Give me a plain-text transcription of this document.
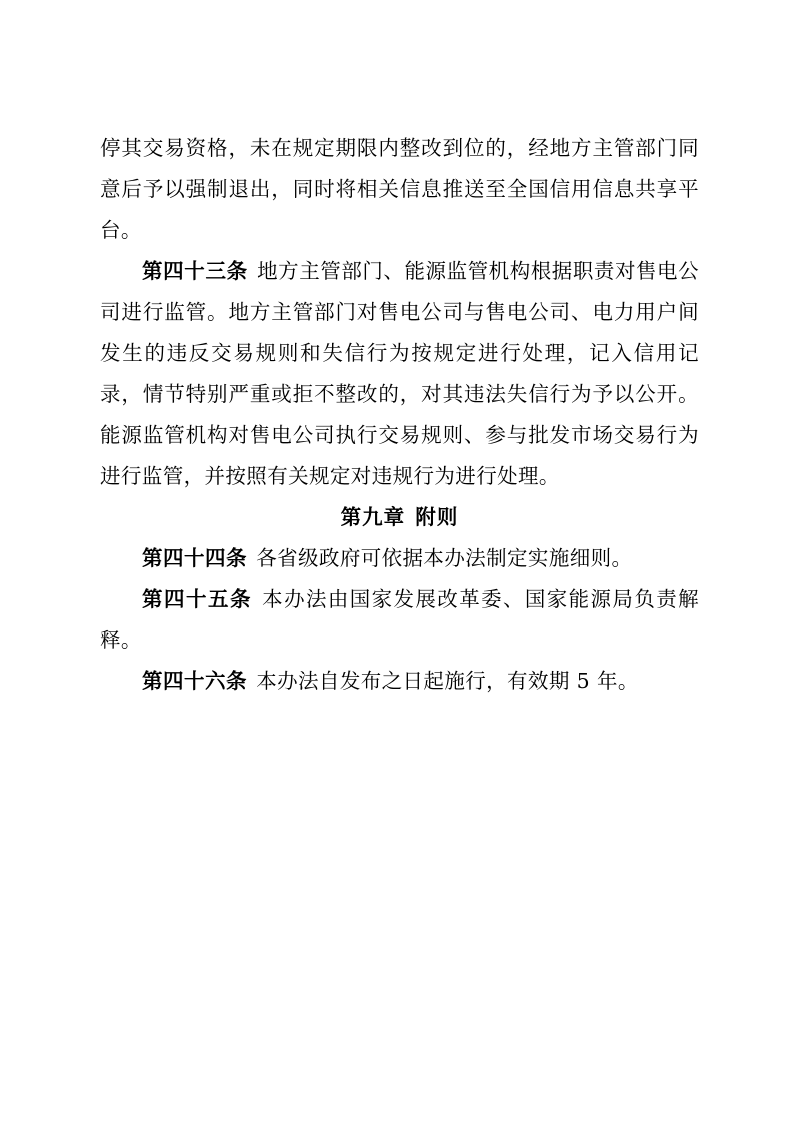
停其交易资格，未在规定期限内整改到位的，经地方主管部门同意后予以强制退出，同时将相关信息推送至全国信用信息共享平台。

第四十三条 地方主管部门、能源监管机构根据职责对售电公司进行监管。地方主管部门对售电公司与售电公司、电力用户间发生的违反交易规则和失信行为按规定进行处理，记入信用记录，情节特别严重或拒不整改的，对其违法失信行为予以公开。能源监管机构对售电公司执行交易规则、参与批发市场交易行为进行监管，并按照有关规定对违规行为进行处理。

第九章 附则

第四十四条 各省级政府可依据本办法制定实施细则。

第四十五条 本办法由国家发展改革委、国家能源局负责解释。

第四十六条 本办法自发布之日起施行，有效期 5 年。
